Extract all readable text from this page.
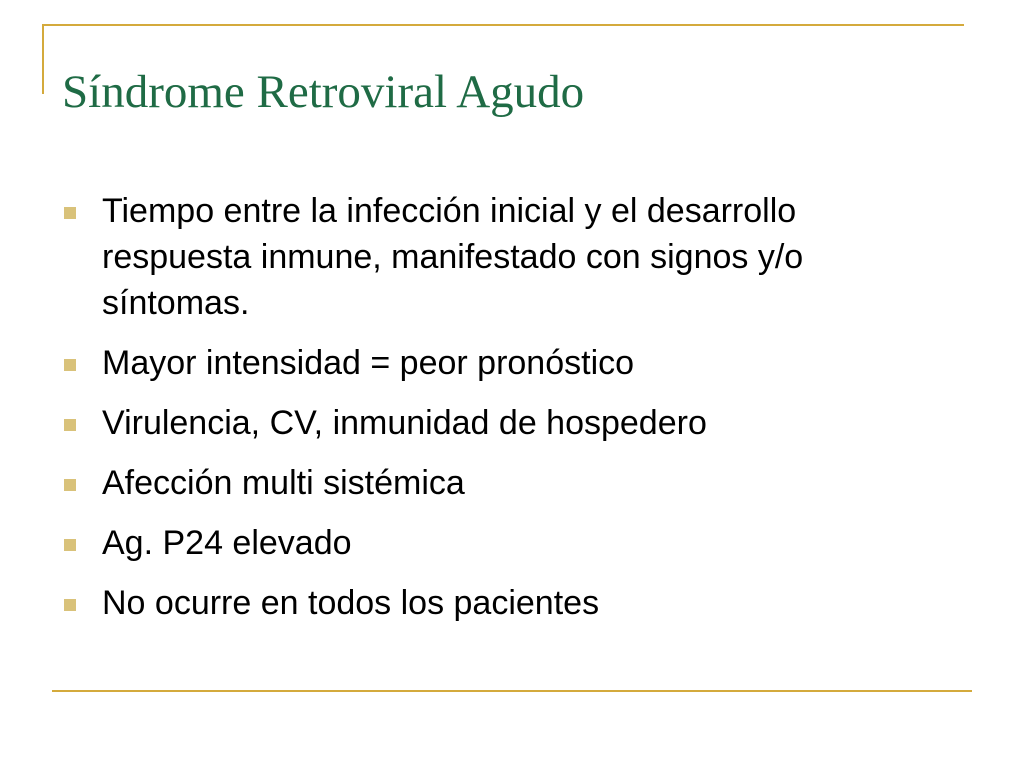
Síndrome Retroviral Agudo
Tiempo entre la infección inicial y el desarrollo respuesta inmune, manifestado con signos y/o síntomas.
Mayor intensidad = peor pronóstico
Virulencia, CV, inmunidad de hospedero
Afección multi sistémica
Ag. P24 elevado
No ocurre en todos los pacientes
